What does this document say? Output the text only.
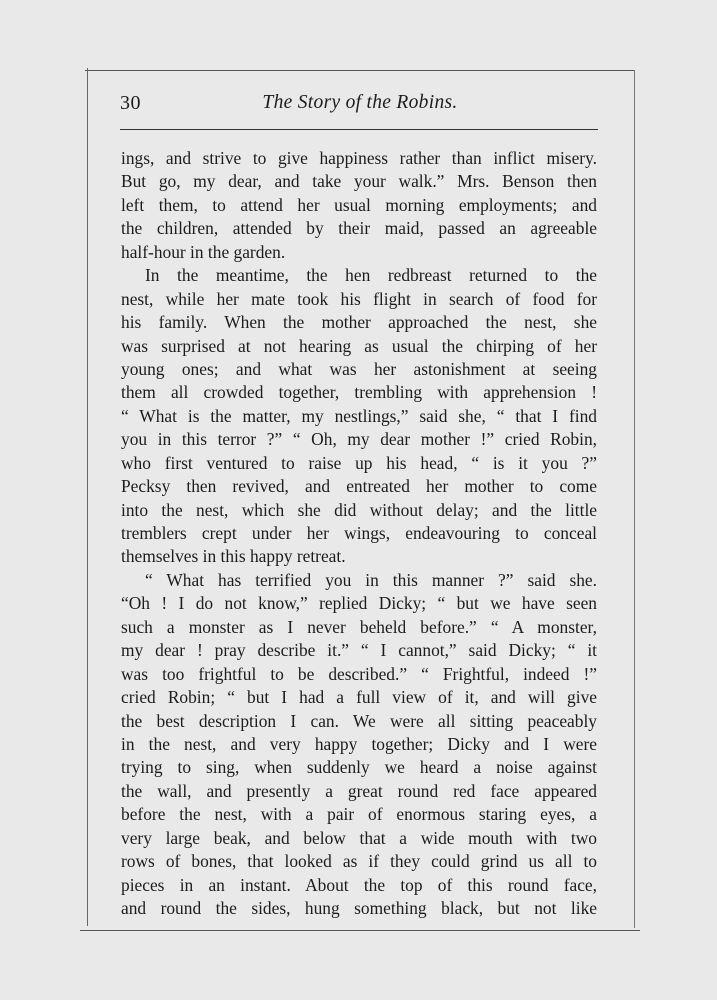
30	The Story of the Robins.
ings, and strive to give happiness rather than inflict misery.
But go, my dear, and take your walk.” Mrs. Benson then
left them, to attend her usual morning employments; and
the children, attended by their maid, passed an agreeable
half-hour in the garden.
In the meantime, the hen redbreast returned to the
nest, while her mate took his flight in search of food for
his family. When the mother approached the nest, she
was surprised at not hearing as usual the chirping of her
young ones; and what was her astonishment at seeing
them all crowded together, trembling with apprehension !
“ What is the matter, my nestlings,” said she, “ that I find
you in this terror ?” “ Oh, my dear mother !” cried Robin,
who first ventured to raise up his head, “ is it you ?”
Pecksy then revived, and entreated her mother to come
into the nest, which she did without delay; and the little
tremblers crept under her wings, endeavouring to conceal
themselves in this happy retreat.
“ What has terrified you in this manner ?” said she.
“Oh ! I do not know,” replied Dicky; “ but we have seen
such a monster as I never beheld before.” “ A monster,
my dear ! pray describe it.” “ I cannot,” said Dicky; “ it
was too frightful to be described.” “ Frightful, indeed !”
cried Robin; “ but I had a full view of it, and will give
the best description I can. We were all sitting peaceably
in the nest, and very happy together; Dicky and I were
trying to sing, when suddenly we heard a noise against
the wall, and presently a great round red face appeared
before the nest, with a pair of enormous staring eyes, a
very large beak, and below that a wide mouth with two
rows of bones, that looked as if they could grind us all to
pieces in an instant. About the top of this round face,
and round the sides, hung something black, but not like
